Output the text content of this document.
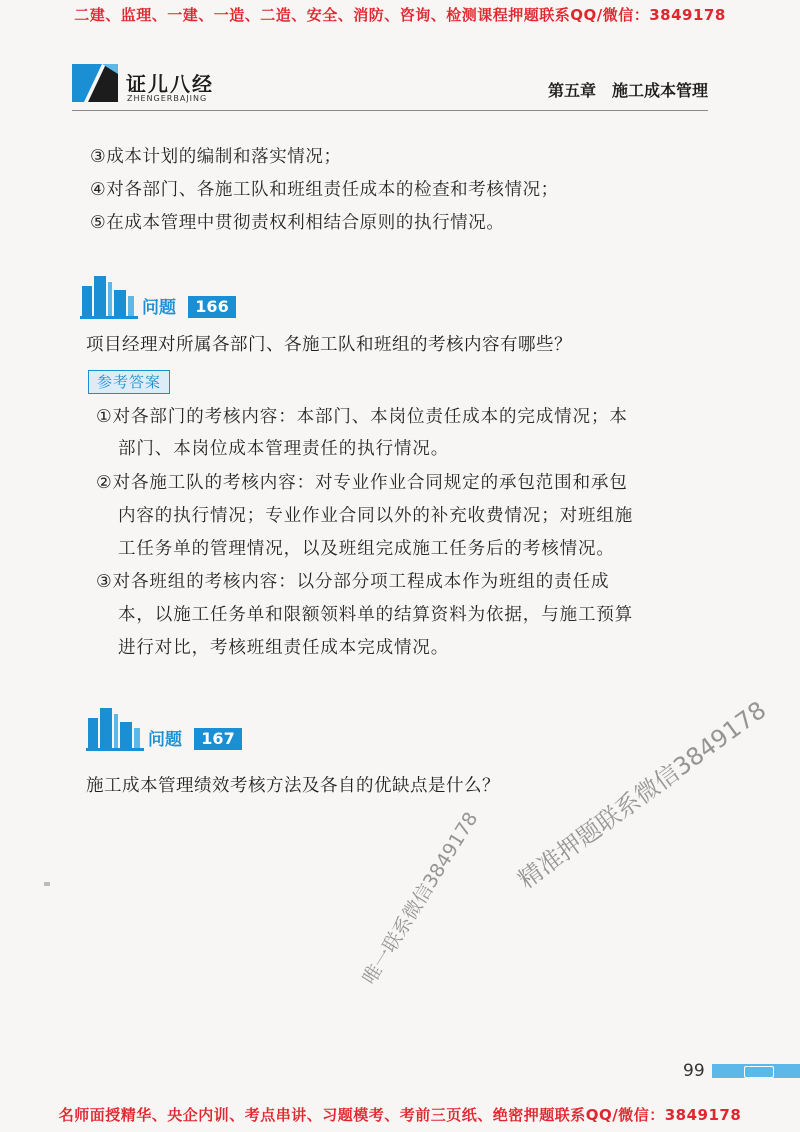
二建、监理、一建、一造、二造、安全、消防、咨询、检测课程押题联系QQ/微信：3849178
证儿八经
ZHENGERBAJING	第五章　施工成本管理
③成本计划的编制和落实情况；
④对各部门、各施工队和班组责任成本的检查和考核情况；
⑤在成本管理中贯彻责权利相结合原则的执行情况。
问题	166
项目经理对所属各部门、各施工队和班组的考核内容有哪些？
参考答案
①对各部门的考核内容：本部门、本岗位责任成本的完成情况；本
部门、本岗位成本管理责任的执行情况。
②对各施工队的考核内容：对专业作业合同规定的承包范围和承包
内容的执行情况；专业作业合同以外的补充收费情况；对班组施
工任务单的管理情况，以及班组完成施工任务后的考核情况。
③对各班组的考核内容：以分部分项工程成本作为班组的责任成
本，以施工任务单和限额领料单的结算资料为依据，与施工预算
进行对比，考核班组责任成本完成情况。
问题	167
施工成本管理绩效考核方法及各自的优缺点是什么？ 精准押题联系微信3849178
唯一联系微信3849178
99
名师面授精华、央企内训、考点串讲、习题模考、考前三页纸、绝密押题联系QQ/微信：3849178
